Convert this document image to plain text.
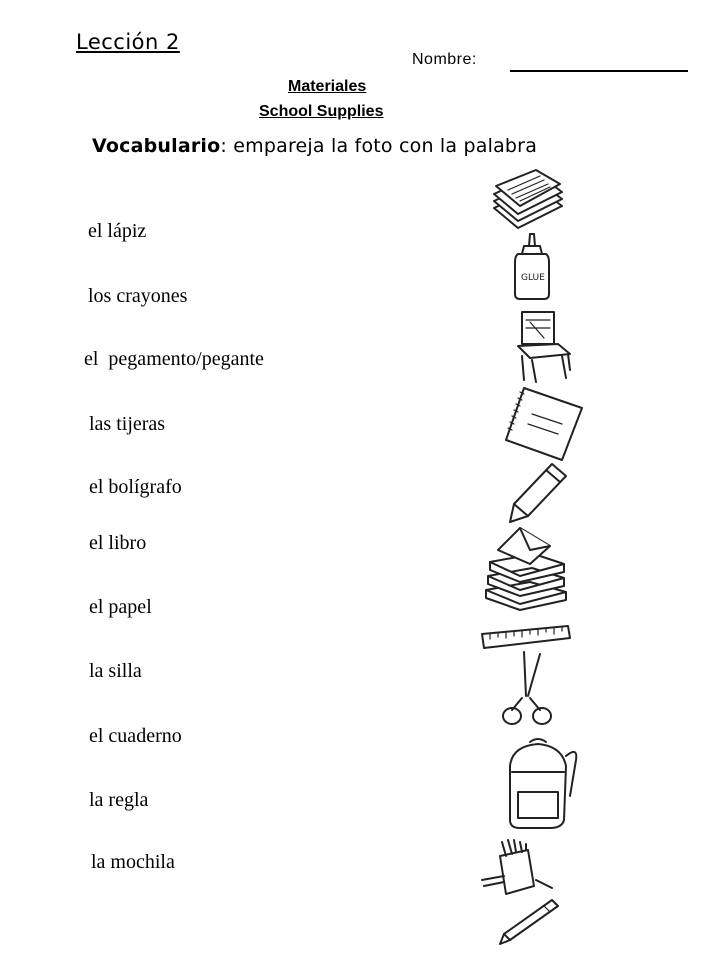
Lección 2
Nombre:
Materiales
School Supplies
Vocabulario: empareja la foto con la palabra
el lápiz
los crayones
el  pegamento/pegante
las tijeras
el bolígrafo
el libro
el papel
la silla
el cuaderno
la regla
la mochila
GLUE
